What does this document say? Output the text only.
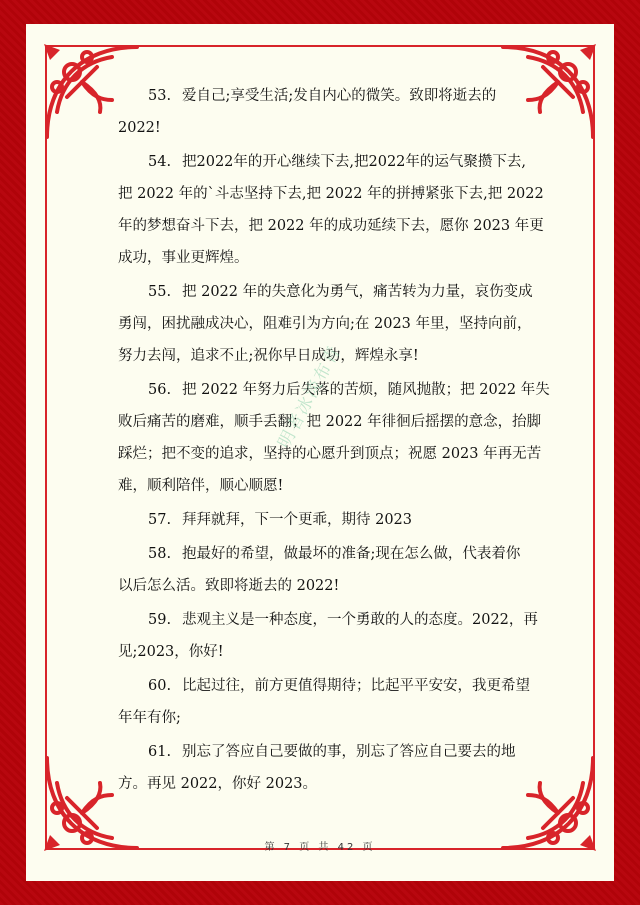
53. 爱自己;享受生活;发自内心的微笑。致即将逝去的
2022!
54. 把2022年的开心继续下去,把2022年的运气聚攒下去,
把 2022 年的`斗志坚持下去,把 2022 年的拼搏紧张下去,把 2022
年的梦想奋斗下去，把 2022 年的成功延续下去，愿你 2023 年更
成功，事业更辉煌。
55. 把 2022 年的失意化为勇气，痛苦转为力量，哀伤变成
勇闯，困扰融成决心，阻难引为方向;在 2023 年里，坚持向前，
努力去闯，追求不止;祝你早日成功，辉煌永享!
56. 把 2022 年努力后失落的苦烦，随风抛散；把 2022 年失
败后痛苦的磨难，顺手丢翻；把 2022 年徘徊后摇摆的意念，抬脚
踩烂；把不变的追求，坚持的心愿升到顶点；祝愿 2023 年再无苦
难，顺利陪伴，顺心顺愿!
57. 拜拜就拜，下一个更乖，期待 2023
58. 抱最好的希望，做最坏的准备;现在怎么做，代表着你
以后怎么活。致即将逝去的 2022!
59. 悲观主义是一种态度，一个勇敢的人的态度。2022，再
见;2023，你好!
60. 比起过往，前方更值得期待；比起平平安安，我更希望
年年有你;
61. 别忘了答应自己要做的事，别忘了答应自己要去的地
方。再见 2022，你好 2023。
明者冰淡布青
第 7 页 共 42 页
